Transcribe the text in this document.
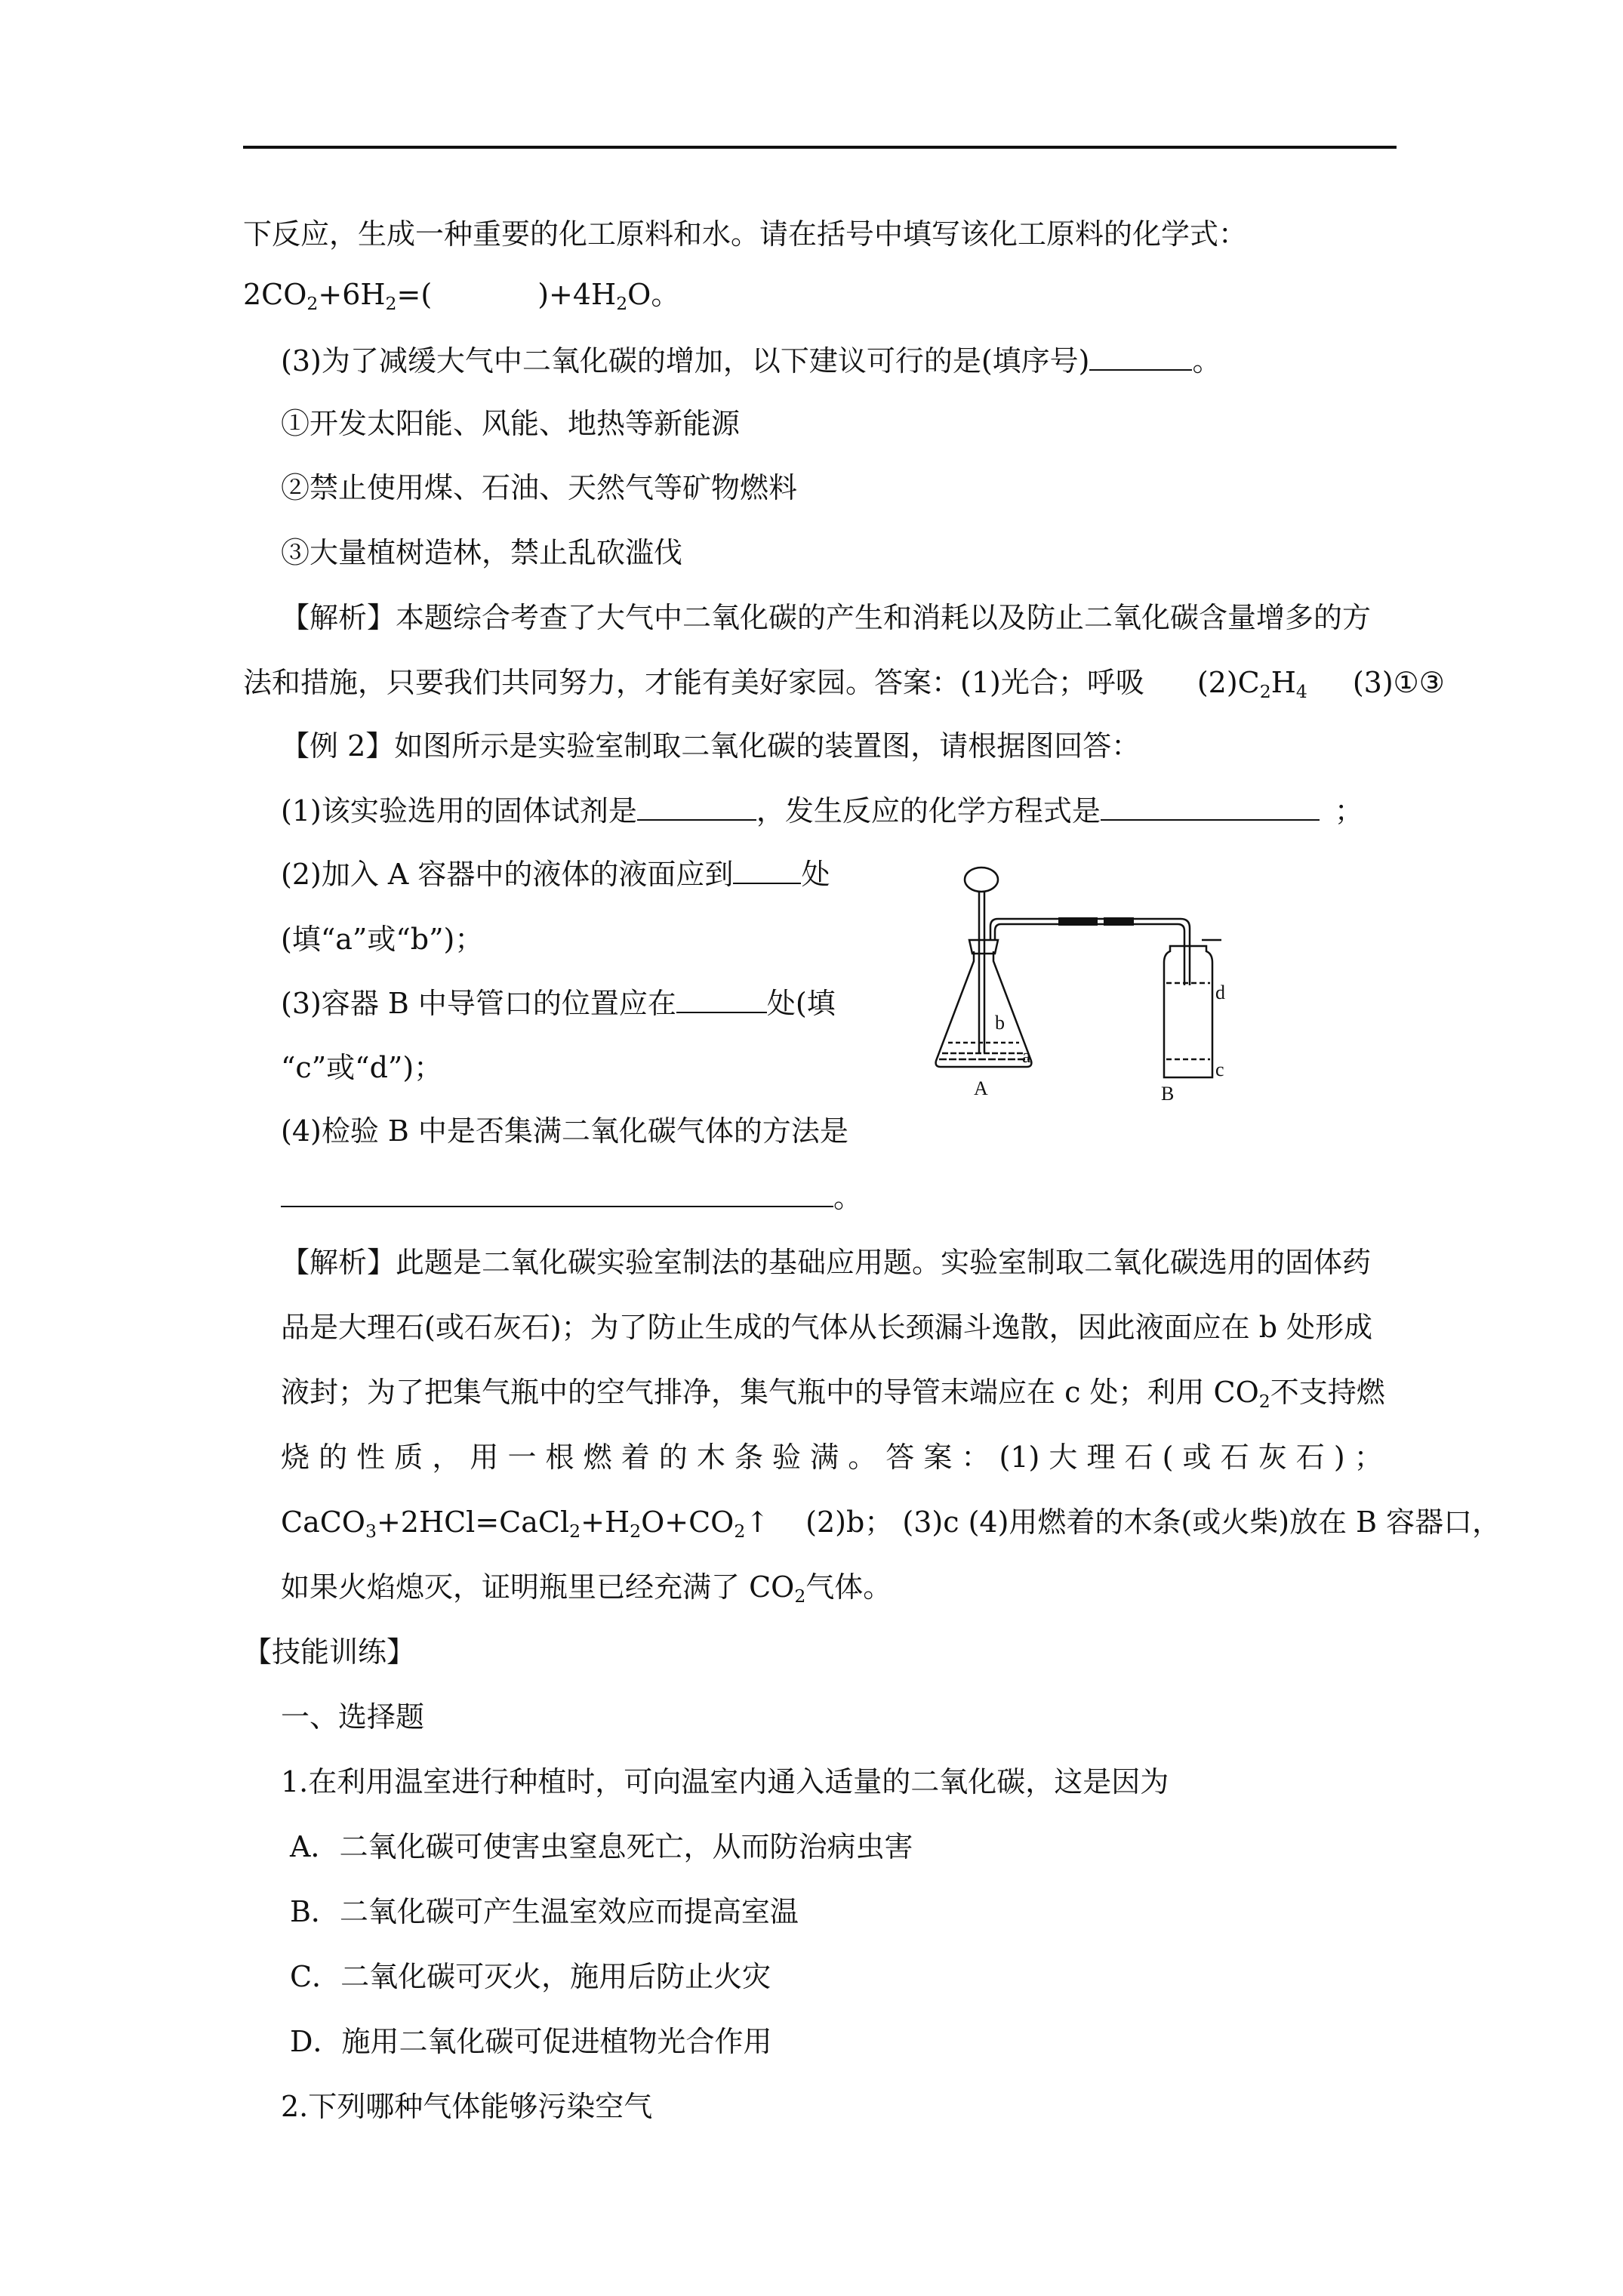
下反应，生成一种重要的化工原料和水。请在括号中填写该化工原料的化学式：
$2CO_2+6H_2=$(	)$+4H_2O$。
(3)为了减缓大气中二氧化碳的增加，以下建议可行的是(填序号)	。
①开发太阳能、风能、地热等新能源
②禁止使用煤、石油、天然气等矿物燃料
③大量植树造林，禁止乱砍滥伐
【解析】本题综合考查了大气中二氧化碳的产生和消耗以及防止二氧化碳含量增多的方
法和措施，只要我们共同努力，才能有美好家园。答案：(1)光合；呼吸 $(2)C_2H_4$ (3)①③
【例 2】如图所示是实验室制取二氧化碳的装置图，请根据图回答：
(1)该实验选用的固体试剂是	，发生反应的化学方程式是	；
(2)加入 A 容器中的液体的液面应到 处
(填“a”或“b”)；
(3)容器 B 中导管口的位置应在	处(填
“c”或“d”)；
(4)检验 B 中是否集满二氧化碳气体的方法是
。
b
a
A
d
c
B
【解析】此题是二氧化碳实验室制法的基础应用题。实验室制取二氧化碳选用的固体药
品是大理石(或石灰石)；为了防止生成的气体从长颈漏斗逸散，因此液面应在 b 处形成
液封；为了把集气瓶中的空气排净，集气瓶中的导管末端应在 c 处；利用 $CO_2$不支持燃
烧 的 性 质 ， 用 一 根 燃 着 的 木 条 验 满 。 答 案 ： (1) 大 理 石 ( 或 石 灰 石 ) ；
$CaCO_3+2HCl=CaCl_2+H_2O+CO_2↑$ (2)b； (3)c (4)用燃着的木条(或火柴)放在 B 容器口，
如果火焰熄灭，证明瓶里已经充满了 $CO_2$气体。
【技能训练】
一、选择题
1.在利用温室进行种植时，可向温室内通入适量的二氧化碳，这是因为
A．二氧化碳可使害虫窒息死亡，从而防治病虫害
B．二氧化碳可产生温室效应而提高室温
C．二氧化碳可灭火，施用后防止火灾
D．施用二氧化碳可促进植物光合作用
2.下列哪种气体能够污染空气
